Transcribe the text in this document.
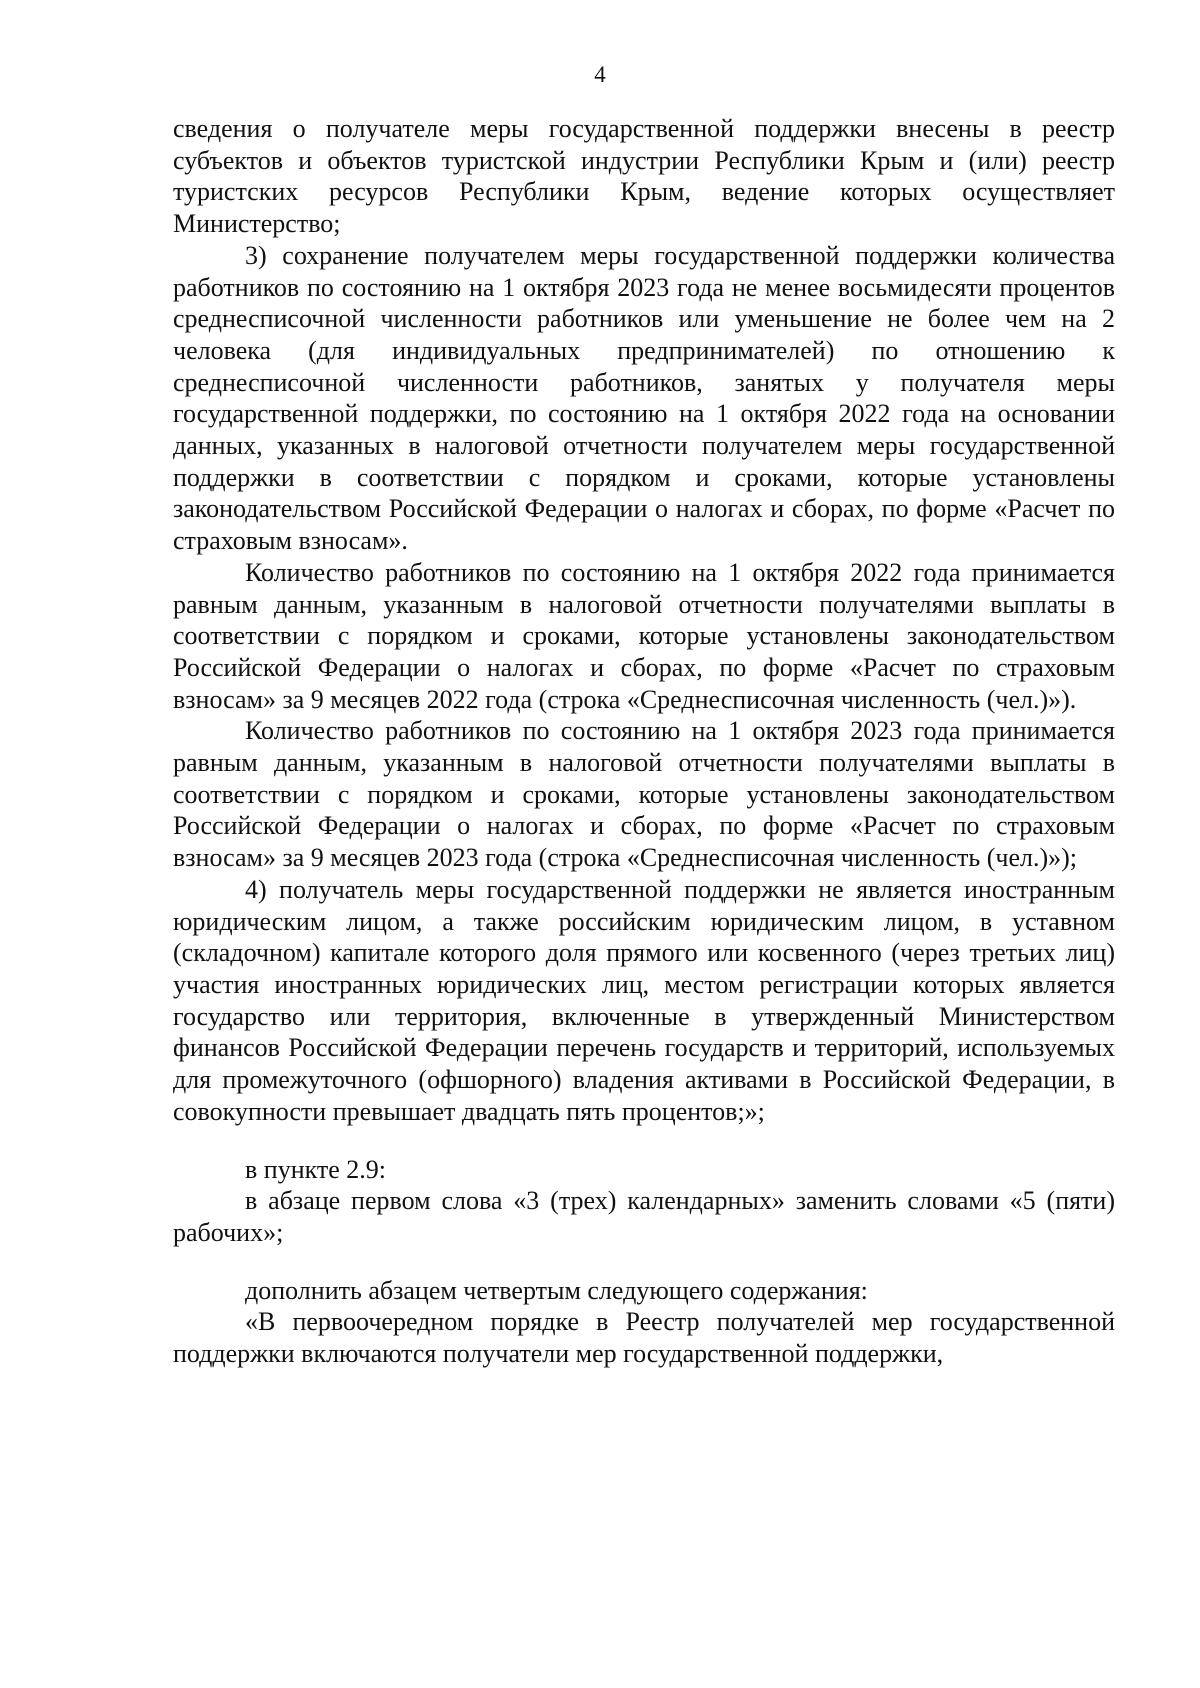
4

сведения о получателе меры государственной поддержки внесены в реестр субъектов и объектов туристской индустрии Республики Крым и (или) реестр туристских ресурсов Республики Крым, ведение которых осуществляет Министерство;

3) сохранение получателем меры государственной поддержки количества работников по состоянию на 1 октября 2023 года не менее восьмидесяти процентов среднесписочной численности работников или уменьшение не более чем на 2 человека (для индивидуальных предпринимателей) по отношению к среднесписочной численности работников, занятых у получателя меры государственной поддержки, по состоянию на 1 октября 2022 года на основании данных, указанных в налоговой отчетности получателем меры государственной поддержки в соответствии с порядком и сроками, которые установлены законодательством Российской Федерации о налогах и сборах, по форме «Расчет по страховым взносам».

Количество работников по состоянию на 1 октября 2022 года принимается равным данным, указанным в налоговой отчетности получателями выплаты в соответствии с порядком и сроками, которые установлены законодательством Российской Федерации о налогах и сборах, по форме «Расчет по страховым взносам» за 9 месяцев 2022 года (строка «Среднесписочная численность (чел.)»).

Количество работников по состоянию на 1 октября 2023 года принимается равным данным, указанным в налоговой отчетности получателями выплаты в соответствии с порядком и сроками, которые установлены законодательством Российской Федерации о налогах и сборах, по форме «Расчет по страховым взносам» за 9 месяцев 2023 года (строка «Среднесписочная численность (чел.)»);

4) получатель меры государственной поддержки не является иностранным юридическим лицом, а также российским юридическим лицом, в уставном (складочном) капитале которого доля прямого или косвенного (через третьих лиц) участия иностранных юридических лиц, местом регистрации которых является государство или территория, включенные в утвержденный Министерством финансов Российской Федерации перечень государств и территорий, используемых для промежуточного (офшорного) владения активами в Российской Федерации, в совокупности превышает двадцать пять процентов;»;

в пункте 2.9:

в абзаце первом слова «3 (трех) календарных» заменить словами «5 (пяти) рабочих»;

дополнить абзацем четвертым следующего содержания:

«В первоочередном порядке в Реестр получателей мер государственной поддержки включаются получатели мер государственной поддержки,
